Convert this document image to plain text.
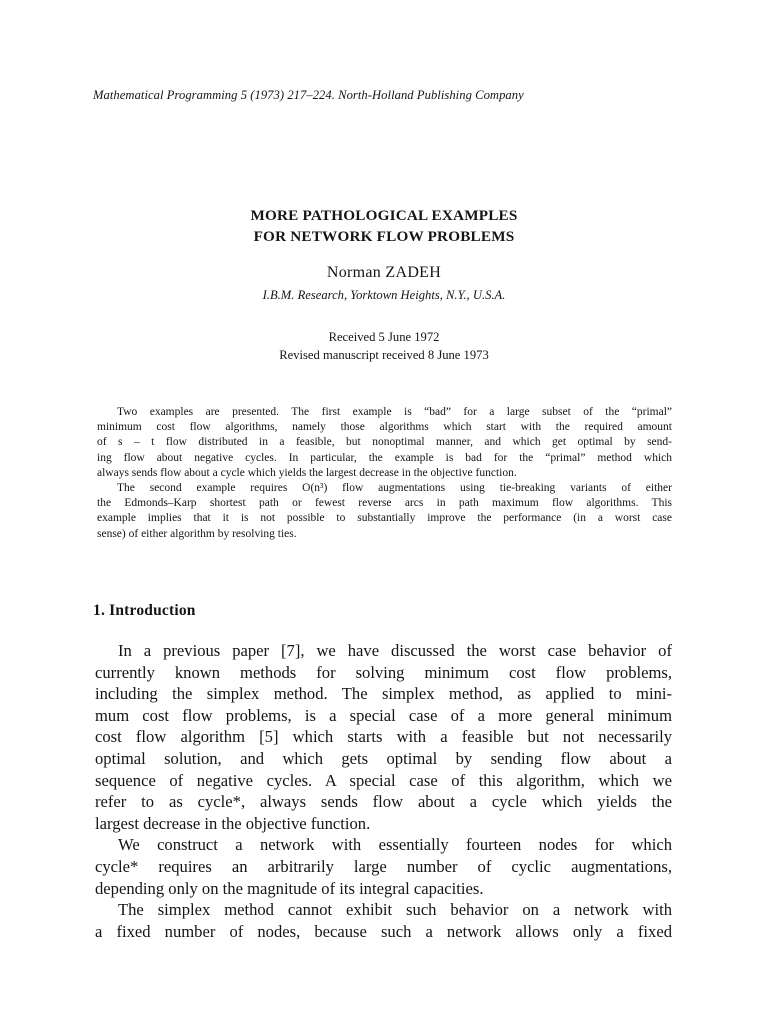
Mathematical Programming 5 (1973) 217–224. North-Holland Publishing Company
MORE PATHOLOGICAL EXAMPLES
FOR NETWORK FLOW PROBLEMS
Norman ZADEH
I.B.M. Research, Yorktown Heights, N.Y., U.S.A.
Received 5 June 1972
Revised manuscript received 8 June 1973
Two examples are presented. The first example is “bad” for a large subset of the “primal”
minimum cost flow algorithms, namely those algorithms which start with the required amount
of s – t flow distributed in a feasible, but nonoptimal manner, and which get optimal by send-
ing flow about negative cycles. In particular, the example is bad for the “primal” method which
always sends flow about a cycle which yields the largest decrease in the objective function.
The second example requires O(n³) flow augmentations using tie-breaking variants of either
the Edmonds–Karp shortest path or fewest reverse arcs in path maximum flow algorithms. This
example implies that it is not possible to substantially improve the performance (in a worst case
sense) of either algorithm by resolving ties.
1. Introduction
In a previous paper [7], we have discussed the worst case behavior of
currently known methods for solving minimum cost flow problems,
including the simplex method. The simplex method, as applied to mini-
mum cost flow problems, is a special case of a more general minimum
cost flow algorithm [5] which starts with a feasible but not necessarily
optimal solution, and which gets optimal by sending flow about a
sequence of negative cycles. A special case of this algorithm, which we
refer to as cycle*, always sends flow about a cycle which yields the
largest decrease in the objective function.
We construct a network with essentially fourteen nodes for which
cycle* requires an arbitrarily large number of cyclic augmentations,
depending only on the magnitude of its integral capacities.
The simplex method cannot exhibit such behavior on a network with
a fixed number of nodes, because such a network allows only a fixed
